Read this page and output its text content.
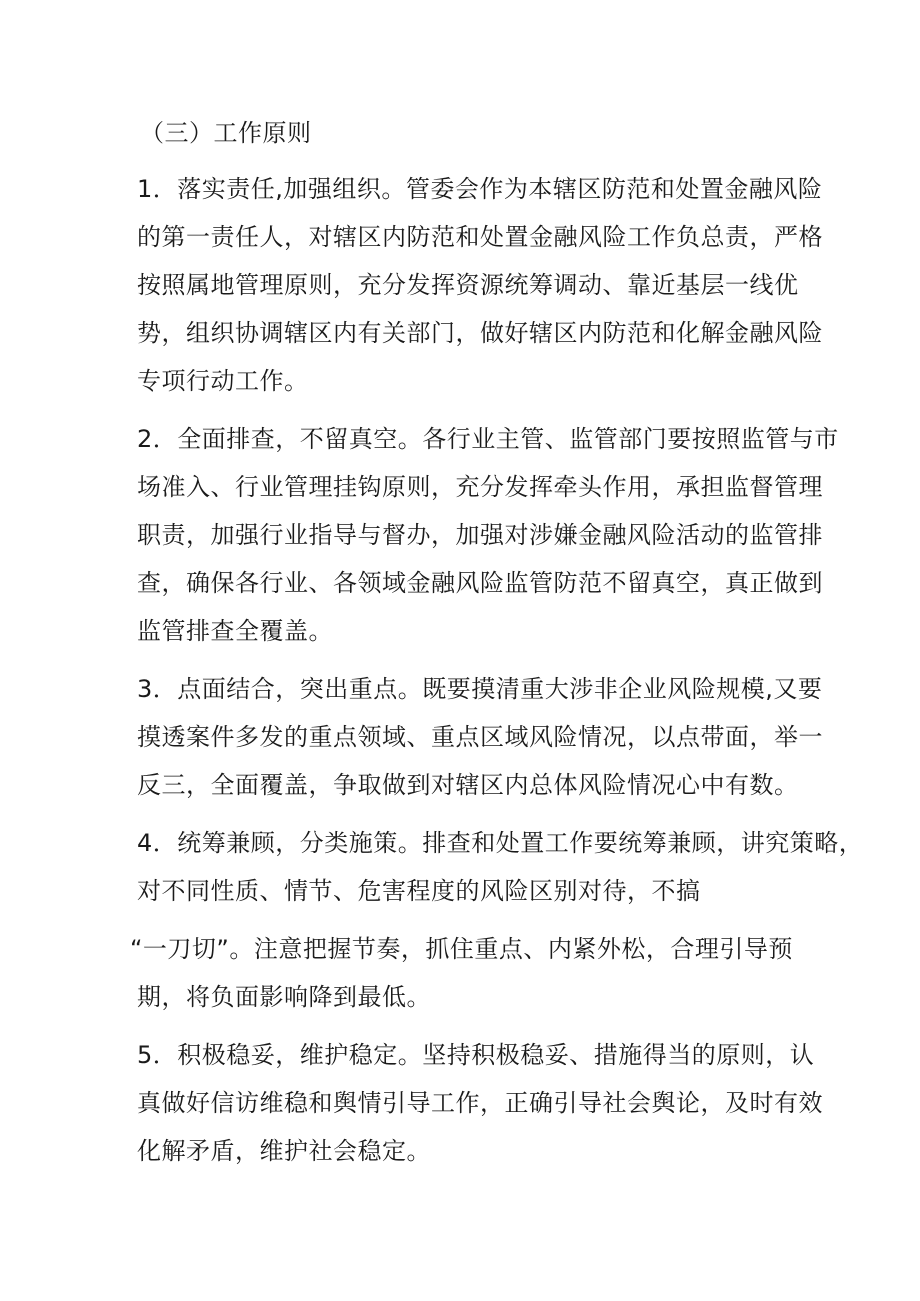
（三）工作原则
1．落实责任,加强组织。管委会作为本辖区防范和处置金融风险
的第一责任人，对辖区内防范和处置金融风险工作负总责，严格
按照属地管理原则，充分发挥资源统筹调动、靠近基层一线优
势，组织协调辖区内有关部门，做好辖区内防范和化解金融风险
专项行动工作。
2．全面排查，不留真空。各行业主管、监管部门要按照监管与市
场准入、行业管理挂钩原则，充分发挥牵头作用，承担监督管理
职责，加强行业指导与督办，加强对涉嫌金融风险活动的监管排
查，确保各行业、各领域金融风险监管防范不留真空，真正做到
监管排查全覆盖。
3．点面结合，突出重点。既要摸清重大涉非企业风险规模,又要
摸透案件多发的重点领域、重点区域风险情况，以点带面，举一
反三，全面覆盖，争取做到对辖区内总体风险情况心中有数。
4．统筹兼顾，分类施策。排查和处置工作要统筹兼顾，讲究策略，
对不同性质、情节、危害程度的风险区别对待，不搞
“一刀切”。注意把握节奏，抓住重点、内紧外松，合理引导预
期，将负面影响降到最低。
5．积极稳妥，维护稳定。坚持积极稳妥、措施得当的原则，认
真做好信访维稳和舆情引导工作，正确引导社会舆论，及时有效
化解矛盾，维护社会稳定。
